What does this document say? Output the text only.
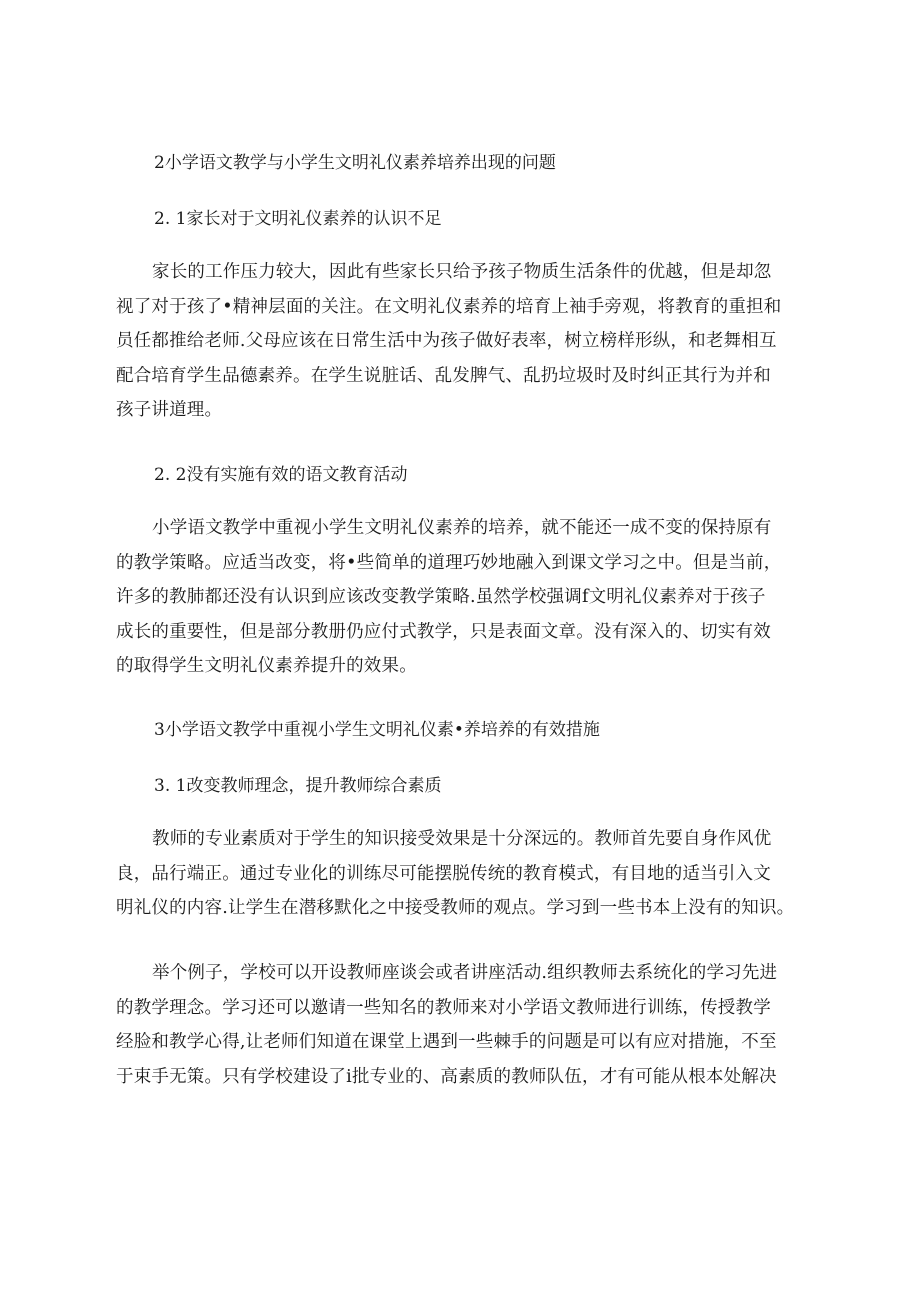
2小学语文教学与小学生文明礼仪素养培养出现的问题
2. 1家长对于文明礼仪素养的认识不足
家长的工作压力较大，因此有些家长只给予孩子物质生活条件的优越，但是却忽
视了对于孩了•精神层面的关注。在文明礼仪素养的培育上袖手旁观，将教育的重担和
员任都推给老师.父母应该在日常生活中为孩子做好表率，树立榜样形纵，和老舞相互
配合培育学生品德素养。在学生说脏话、乱发脾气、乱扔垃圾时及时纠正其行为并和
孩子讲道理。
2. 2没有实施有效的语文教育活动
小学语文教学中重视小学生文明礼仪素养的培养，就不能还一成不变的保持原有
的教学策略。应适当改变，将•些简单的道理巧妙地融入到课文学习之中。但是当前，
许多的教肺都还没有认识到应该改变教学策略.虽然学校强调f文明礼仪素养对于孩子
成长的重要性，但是部分教册仍应付式教学，只是表面文章。没有深入的、切实有效
的取得学生文明礼仪素养提升的效果。
3小学语文教学中重视小学生文明礼仪素•养培养的有效措施
3. 1改变教师理念，提升教师综合素质
教师的专业素质对于学生的知识接受效果是十分深远的。教师首先要自身作风优
良，品行端正。通过专业化的训练尽可能摆脱传统的教育模式，有目地的适当引入文
明礼仪的内容.让学生在潜移默化之中接受教师的观点。学习到一些书本上没有的知识。
举个例子，学校可以开设教师座谈会或者讲座活动.组织教师去系统化的学习先进
的教学理念。学习还可以邀请一些知名的教师来对小学语文教师进行训练，传授教学
经脸和教学心得,让老师们知道在课堂上遇到一些棘手的问题是可以有应对措施，不至
于束手无策。只有学校建设了i批专业的、高素质的教师队伍，才有可能从根本处解决
